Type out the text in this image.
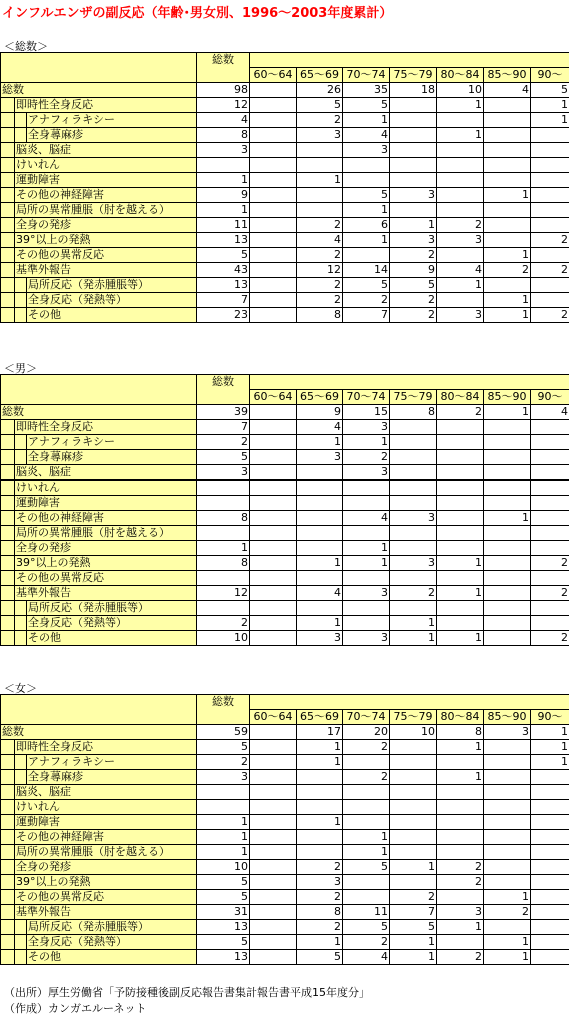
インフルエンザの副反応（年齢･男女別、1996～2003年度累計）
＜総数＞
			総数							
				60～64	65～69	70～74	75～79	80～84	85～90	90～
総数			98		26	35	18	10	4	5
	即時性全身反応		12		5	5		1		1
		アナフィラキシー	4		2	1				1
		全身蕁麻疹	8		3	4		1		
	脳炎、脳症		3			3				
	けいれん									
	運動障害		1		1					
	その他の神経障害		9			5	3		1	
	局所の異常腫脹（肘を越える）		1			1				
	全身の発疹		11		2	6	1	2		
	39°以上の発熱		13		4	1	3	3		2
	その他の異常反応		5		2		2		1	
	基準外報告		43		12	14	9	4	2	2
		局所反応（発赤腫脹等）	13		2	5	5	1		
		全身反応（発熱等）	7		2	2	2		1	
		その他	23		8	7	2	3	1	2
＜男＞
			総数							
				60～64	65～69	70～74	75～79	80～84	85～90	90～
総数			39		9	15	8	2	1	4
	即時性全身反応		7		4	3				
		アナフィラキシー	2		1	1				
		全身蕁麻疹	5		3	2				
	脳炎、脳症		3			3				
	けいれん									
	運動障害									
	その他の神経障害		8			4	3		1	
	局所の異常腫脹（肘を越える）									
	全身の発疹		1			1				
	39°以上の発熱		8		1	1	3	1		2
	その他の異常反応									
	基準外報告		12		4	3	2	1		2
		局所反応（発赤腫脹等）								
		全身反応（発熱等）	2		1		1			
		その他	10		3	3	1	1		2
＜女＞
			総数							
				60～64	65～69	70～74	75～79	80～84	85～90	90～
総数			59		17	20	10	8	3	1
	即時性全身反応		5		1	2		1		1
		アナフィラキシー	2		1					1
		全身蕁麻疹	3			2		1		
	脳炎、脳症									
	けいれん									
	運動障害		1		1					
	その他の神経障害		1			1				
	局所の異常腫脹（肘を越える）		1			1				
	全身の発疹		10		2	5	1	2		
	39°以上の発熱		5		3			2		
	その他の異常反応		5		2		2		1	
	基準外報告		31		8	11	7	3	2	
		局所反応（発赤腫脹等）	13		2	5	5	1		
		全身反応（発熱等）	5		1	2	1		1	
		その他	13		5	4	1	2	1	
（出所）厚生労働省「予防接種後副反応報告書集計報告書平成15年度分」
（作成）カンガエルーネット
